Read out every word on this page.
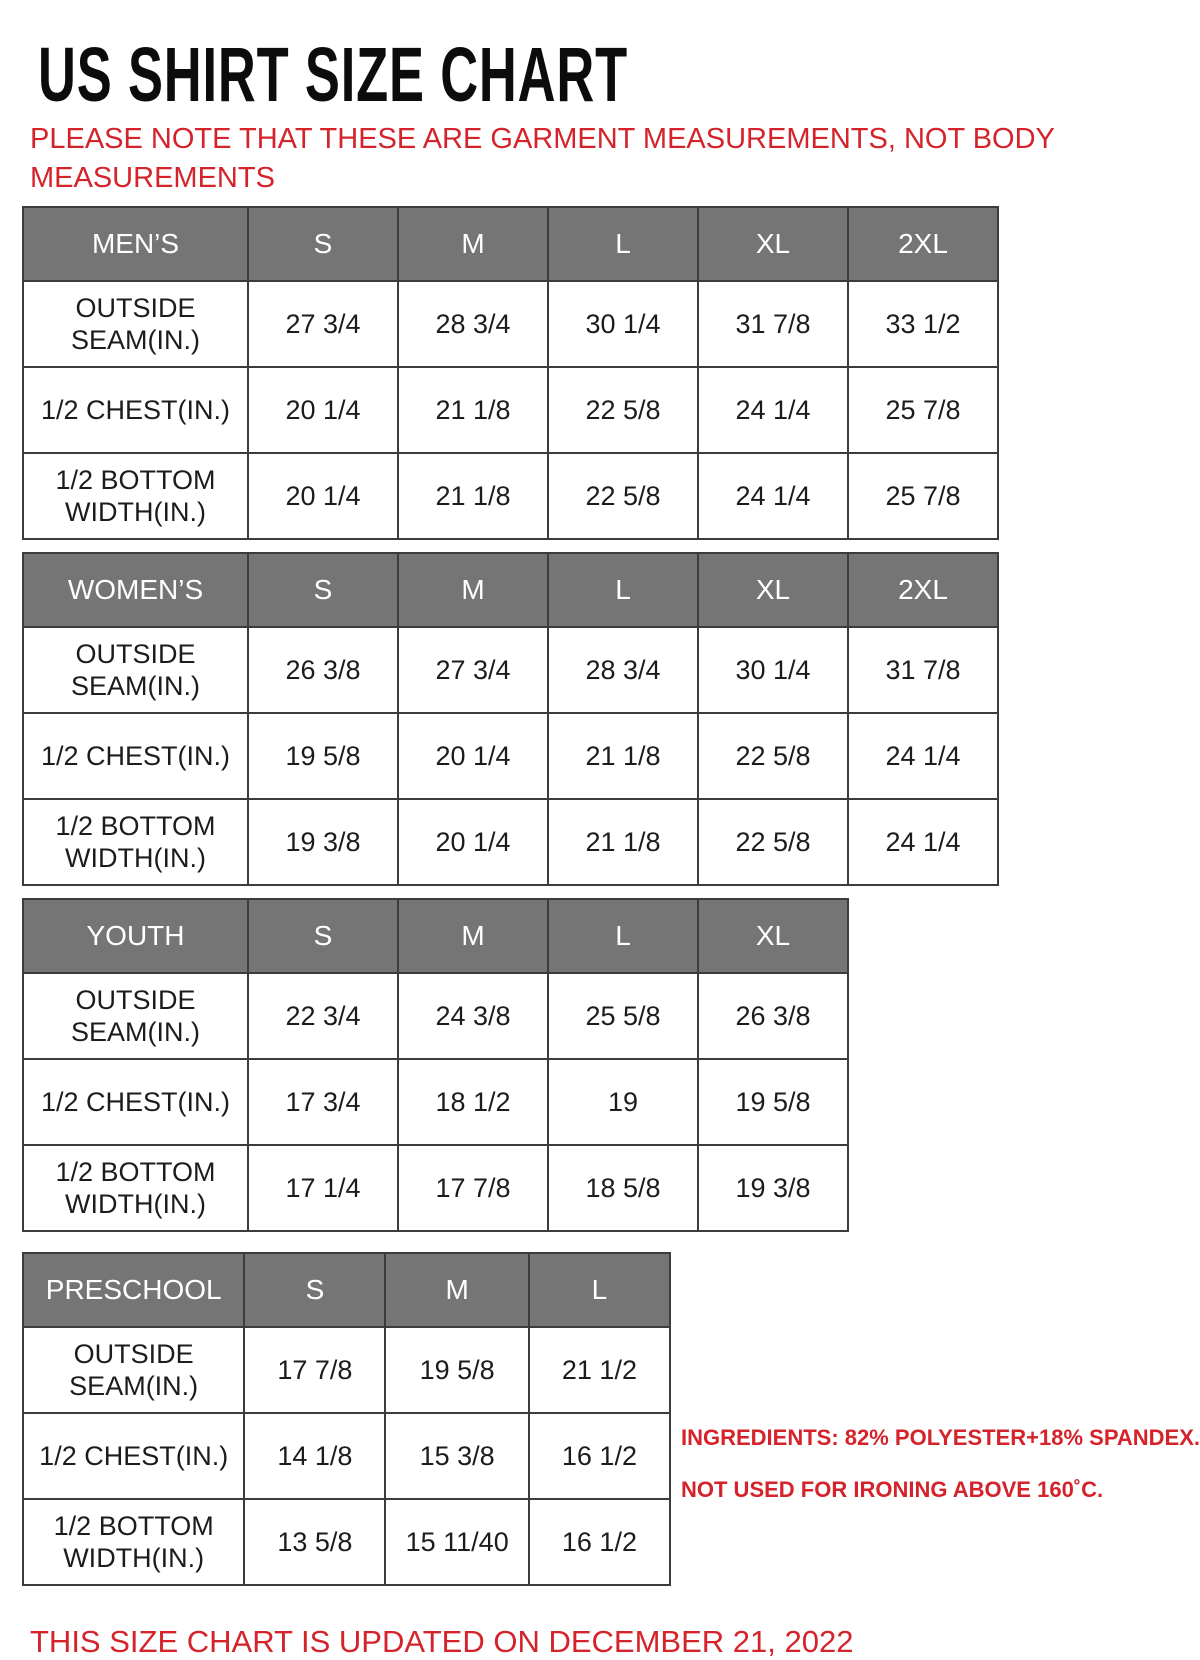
US SHIRT SIZE CHART
PLEASE NOTE THAT THESE ARE GARMENT MEASUREMENTS, NOT BODY
MEASUREMENTS
MEN’S	S	M	L	XL	2XL
OUTSIDE SEAM(IN.)	27 3/4	28 3/4	30 1/4	31 7/8	33 1/2
1/2 CHEST(IN.)	20 1/4	21 1/8	22 5/8	24 1/4	25 7/8
1/2 BOTTOM WIDTH(IN.)	20 1/4	21 1/8	22 5/8	24 1/4	25 7/8
WOMEN’S	S	M	L	XL	2XL
OUTSIDE SEAM(IN.)	26 3/8	27 3/4	28 3/4	30 1/4	31 7/8
1/2 CHEST(IN.)	19 5/8	20 1/4	21 1/8	22 5/8	24 1/4
1/2 BOTTOM WIDTH(IN.)	19 3/8	20 1/4	21 1/8	22 5/8	24 1/4
YOUTH	S	M	L	XL
OUTSIDE SEAM(IN.)	22 3/4	24 3/8	25 5/8	26 3/8
1/2 CHEST(IN.)	17 3/4	18 1/2	19	19 5/8
1/2 BOTTOM WIDTH(IN.)	17 1/4	17 7/8	18 5/8	19 3/8
PRESCHOOL	S	M	L
OUTSIDE SEAM(IN.)	17 7/8	19 5/8	21 1/2
1/2 CHEST(IN.)	14 1/8	15 3/8	16 1/2
1/2 BOTTOM WIDTH(IN.)	13 5/8	15 11/40	16 1/2
INGREDIENTS: 82% POLYESTER+18% SPANDEX.
NOT USED FOR IRONING ABOVE 160˚C.
THIS SIZE CHART IS UPDATED ON DECEMBER 21, 2022
